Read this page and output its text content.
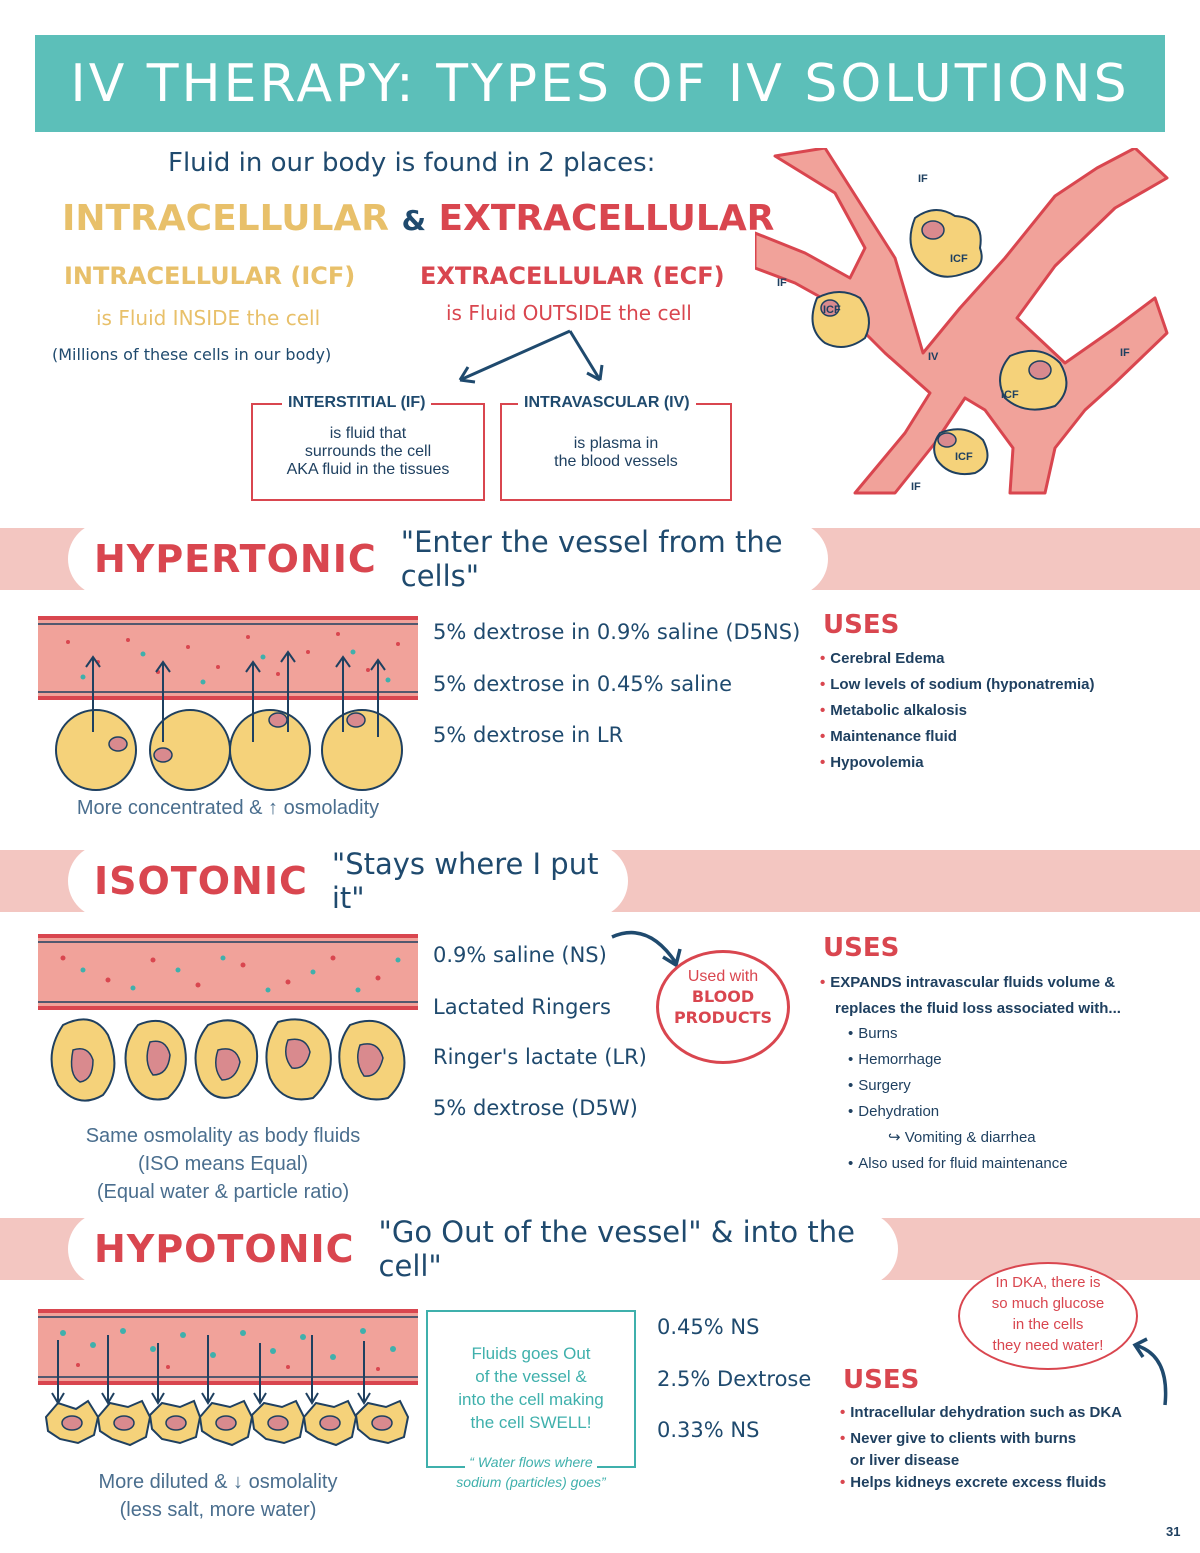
IV THERAPY: TYPES OF IV SOLUTIONS
Fluid in our body is found in 2 places:
INTRACELLULAR & EXTRACELLULAR
INTRACELLULAR (ICF)
is Fluid INSIDE the cell
(Millions of these cells in our body)
EXTRACELLULAR (ECF)
is Fluid OUTSIDE the cell
is fluid that
surrounds the cell
AKA fluid in the tissues
INTERSTITIAL (IF)
is plasma in
the blood vessels
INTRAVASCULAR (IV)
IF
IF
IF
IF
ICF
ICF
ICF
ICF
IV
HYPERTONIC "Enter the vessel from the cells"
More concentrated & ↑ osmoladity
5% dextrose in 0.9% saline (D5NS)
5% dextrose in 0.45% saline
5% dextrose in LR
USES
• Cerebral Edema
• Low levels of sodium (hyponatremia)
• Metabolic alkalosis
• Maintenance fluid
• Hypovolemia
ISOTONIC "Stays where I put it"
Same osmolality as body fluids
(ISO means Equal)
(Equal water & particle ratio)
0.9% saline (NS)
Lactated Ringers
Ringer's lactate (LR)
5% dextrose (D5W)
Used with
BLOOD
PRODUCTS
USES
• EXPANDS intravascular fluids volume &
replaces the fluid loss associated with...
• Burns
• Hemorrhage
• Surgery
• Dehydration
↪ Vomiting & diarrhea
• Also used for fluid maintenance
HYPOTONIC "Go Out of the vessel" & into the cell"
More diluted & ↓ osmolality
(less salt, more water)
Fluids goes Out
of the vessel &
into the cell making
the cell SWELL!
“ Water flows where
sodium (particles) goes”
0.45% NS
2.5% Dextrose
0.33% NS
In DKA, there is
so much glucose
in the cells
they need water!
USES
• Intracellular dehydration such as DKA
• Never give to clients with burns
or liver disease
• Helps kidneys excrete excess fluids
31
